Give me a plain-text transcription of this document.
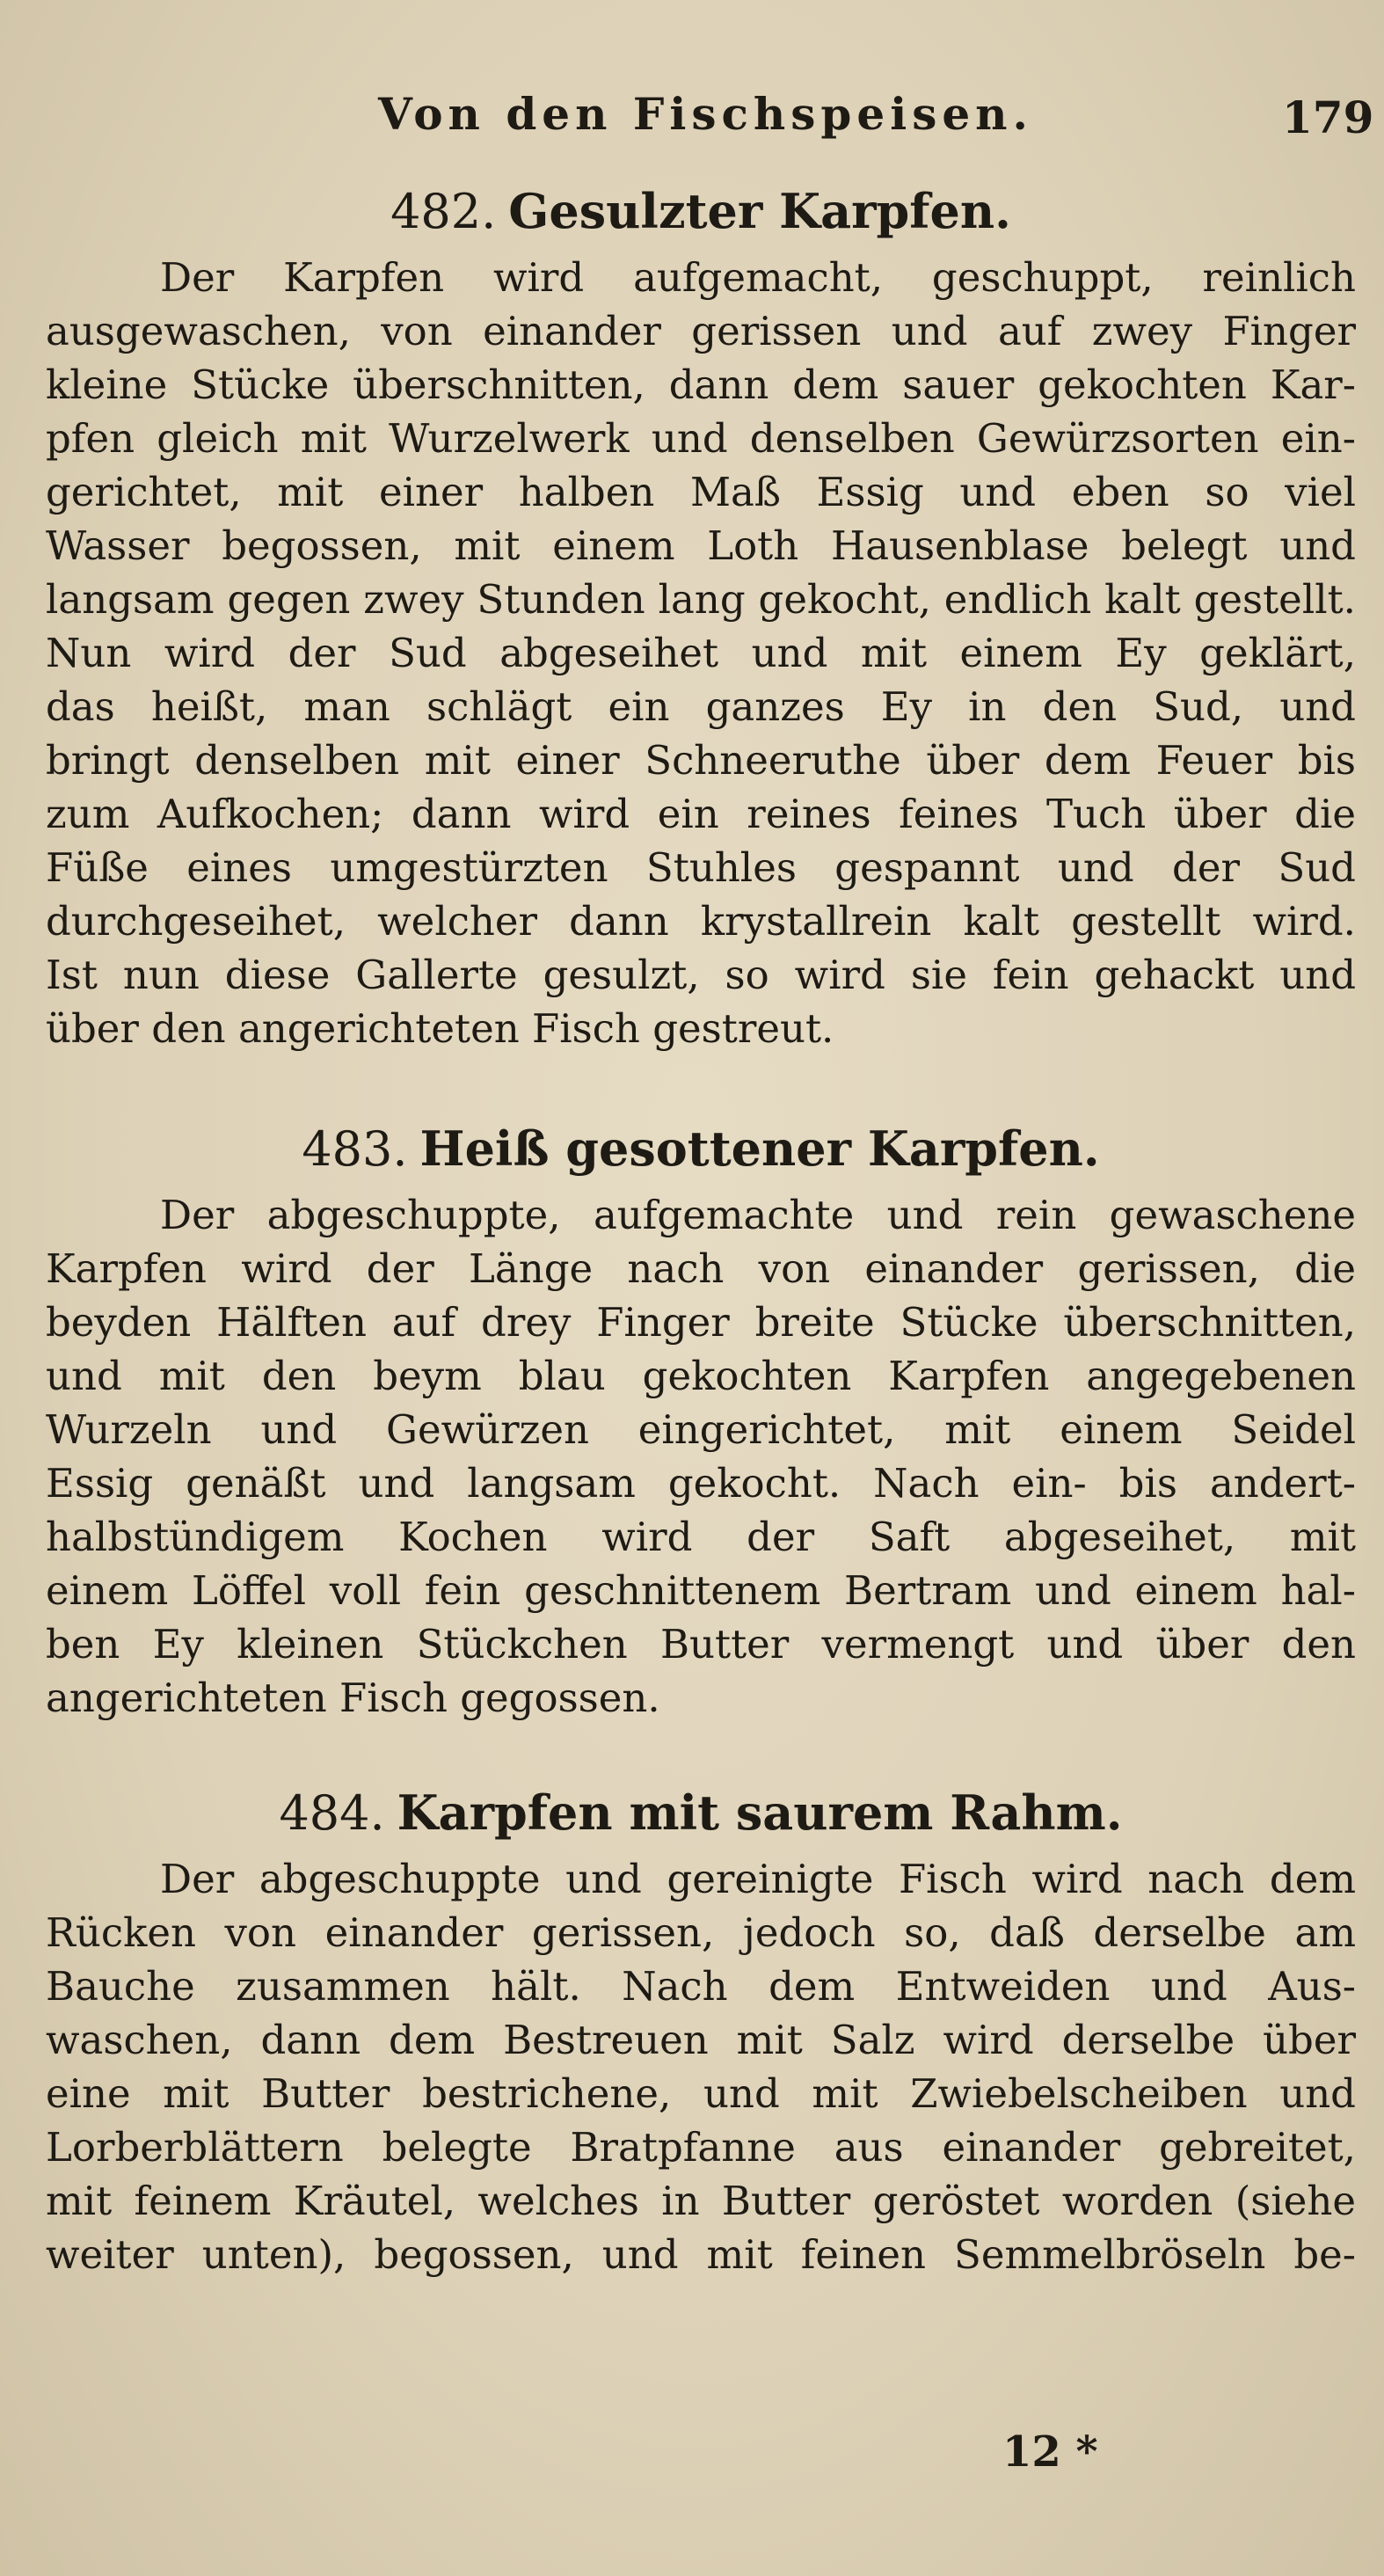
Von den Fischspeisen.	179
482. Gesulzter Karpfen.
Der Karpfen wird aufgemacht, geschuppt, reinlich
ausgewaschen, von einander gerissen und auf zwey Finger
kleine Stücke überschnitten, dann dem sauer gekochten Kar-
pfen gleich mit Wurzelwerk und denselben Gewürzsorten ein-
gerichtet, mit einer halben Maß Essig und eben so viel
Wasser begossen, mit einem Loth Hausenblase belegt und
langsam gegen zwey Stunden lang gekocht, endlich kalt gestellt.
Nun wird der Sud abgeseihet und mit einem Ey geklärt,
das heißt, man schlägt ein ganzes Ey in den Sud, und
bringt denselben mit einer Schneeruthe über dem Feuer bis
zum Aufkochen; dann wird ein reines feines Tuch über die
Füße eines umgestürzten Stuhles gespannt und der Sud
durchgeseihet, welcher dann krystallrein kalt gestellt wird.
Ist nun diese Gallerte gesulzt, so wird sie fein gehackt und
über den angerichteten Fisch gestreut.
483. Heiß gesottener Karpfen.
Der abgeschuppte, aufgemachte und rein gewaschene
Karpfen wird der Länge nach von einander gerissen, die
beyden Hälften auf drey Finger breite Stücke überschnitten,
und mit den beym blau gekochten Karpfen angegebenen
Wurzeln und Gewürzen eingerichtet, mit einem Seidel
Essig genäßt und langsam gekocht. Nach ein- bis andert-
halbstündigem Kochen wird der Saft abgeseihet, mit
einem Löffel voll fein geschnittenem Bertram und einem hal-
ben Ey kleinen Stückchen Butter vermengt und über den
angerichteten Fisch gegossen.
484. Karpfen mit saurem Rahm.
Der abgeschuppte und gereinigte Fisch wird nach dem
Rücken von einander gerissen, jedoch so, daß derselbe am
Bauche zusammen hält. Nach dem Entweiden und Aus-
waschen, dann dem Bestreuen mit Salz wird derselbe über
eine mit Butter bestrichene, und mit Zwiebelscheiben und
Lorberblättern belegte Bratpfanne aus einander gebreitet,
mit feinem Kräutel, welches in Butter geröstet worden (siehe
weiter unten), begossen, und mit feinen Semmelbröseln be-
12 *
